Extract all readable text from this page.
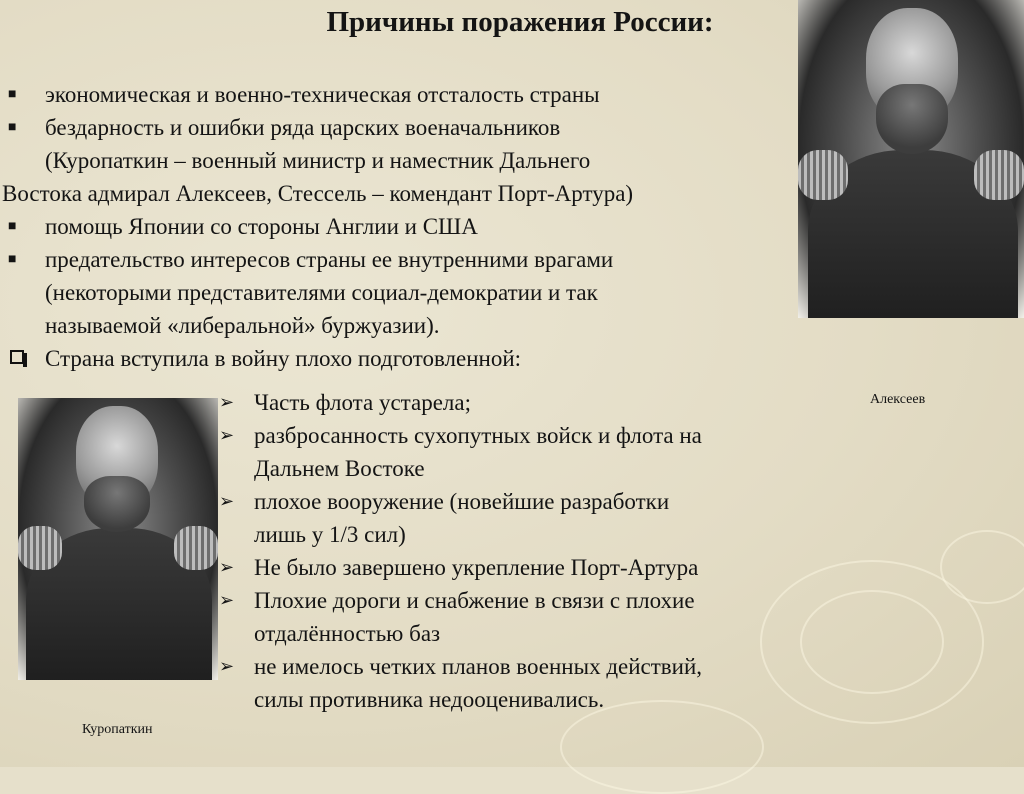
Причины поражения России:
■ экономическая и военно-техническая отсталость страны
■ бездарность и ошибки ряда царских военачальников
(Куропаткин – военный министр и наместник Дальнего
Востока адмирал Алексеев, Стессель – комендант Порт-Артура)
■ помощь Японии со стороны Англии и США
■ предательство интересов страны ее внутренними врагами
(некоторыми представителями социал-демократии и так
называемой «либеральной» буржуазии).
Страна вступила в войну плохо подготовленной:
➢ Часть флота устарела;
➢ разбросанность сухопутных войск и флота на
Дальнем Востоке
➢ плохое вооружение (новейшие разработки
лишь у 1/3 сил)
➢ Не было завершено укрепление Порт-Артура
➢ Плохие дороги и снабжение в связи с плохие
отдалённостью баз
➢ не имелось четких планов военных действий,
силы противника недооценивались.
Алексеев
Куропаткин
